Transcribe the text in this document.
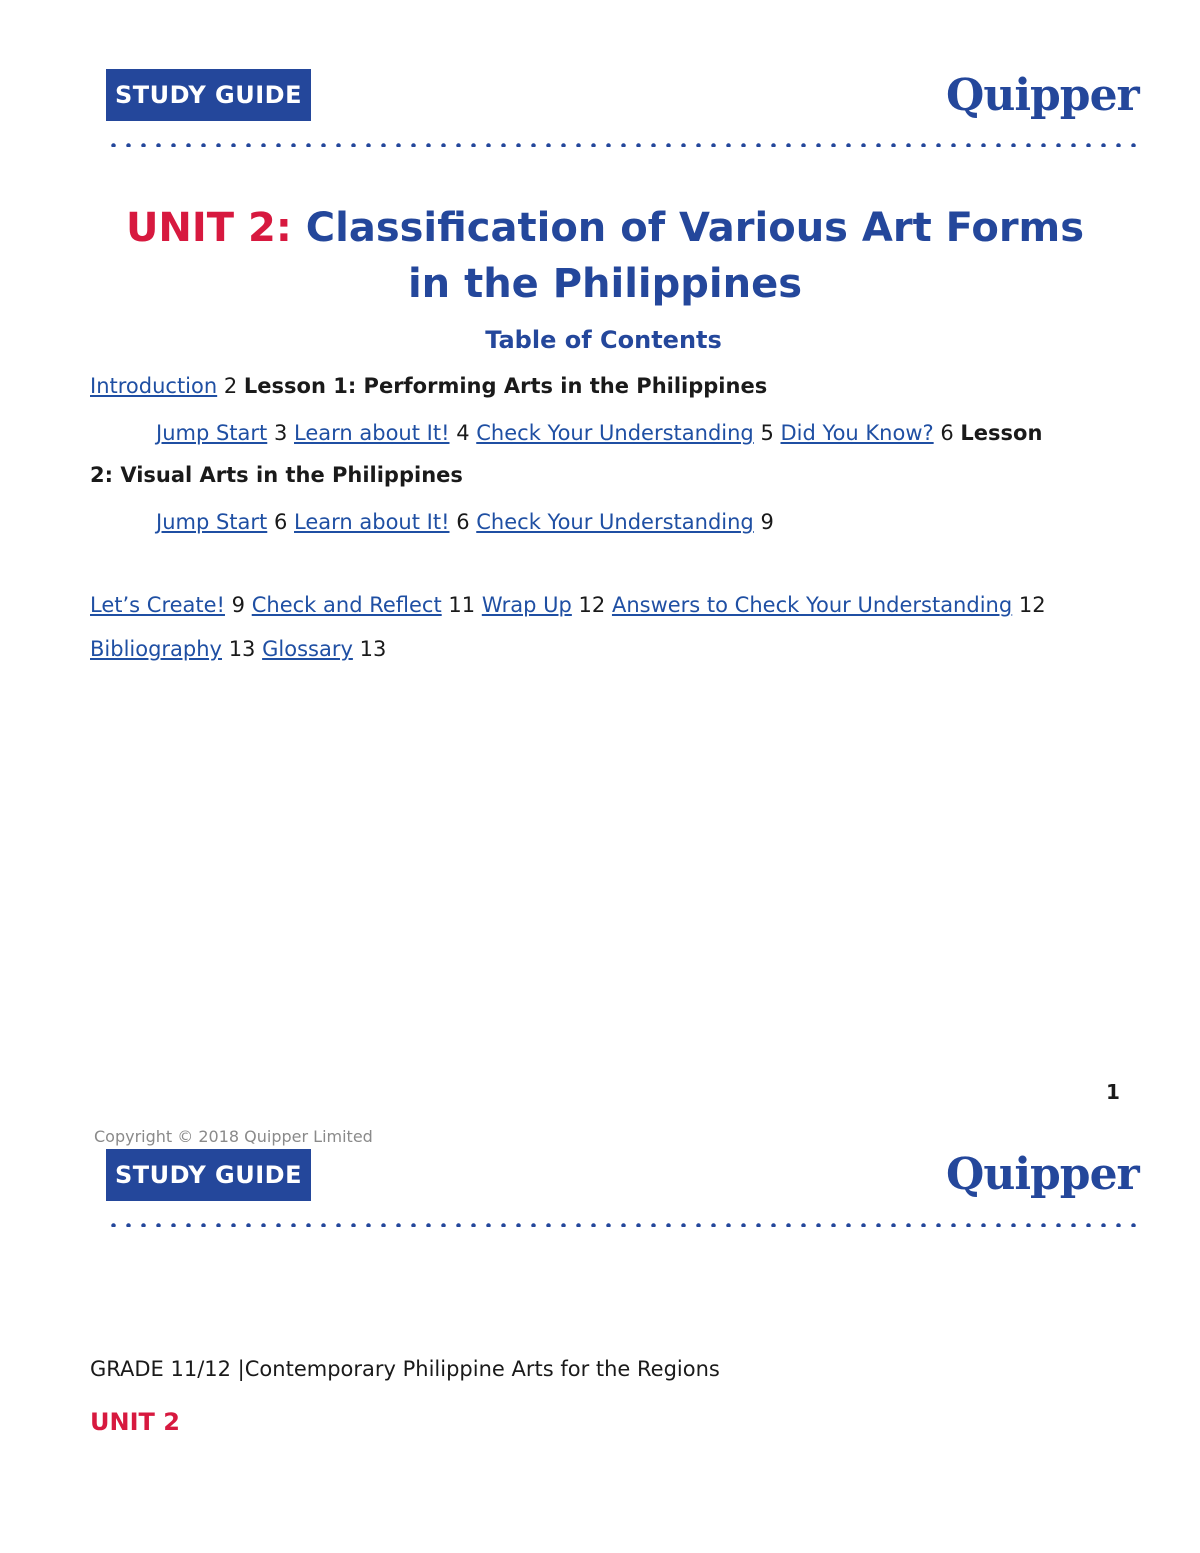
STUDY GUIDE	Quipper
UNIT 2: Classification of Various Art Forms in the Philippines
Table of Contents
Introduction 2 Lesson 1: Performing Arts in the Philippines
Jump Start 3 Learn about It! 4 Check Your Understanding 5 Did You Know? 6 Lesson
2: Visual Arts in the Philippines
Jump Start 6 Learn about It! 6 Check Your Understanding 9
Let’s Create! 9 Check and Reflect 11 Wrap Up 12 Answers to Check Your Understanding 12
Bibliography 13 Glossary 13
1
Copyright © 2018 Quipper Limited
STUDY GUIDE	Quipper
GRADE 11/12 |Contemporary Philippine Arts for the Regions
UNIT 2
